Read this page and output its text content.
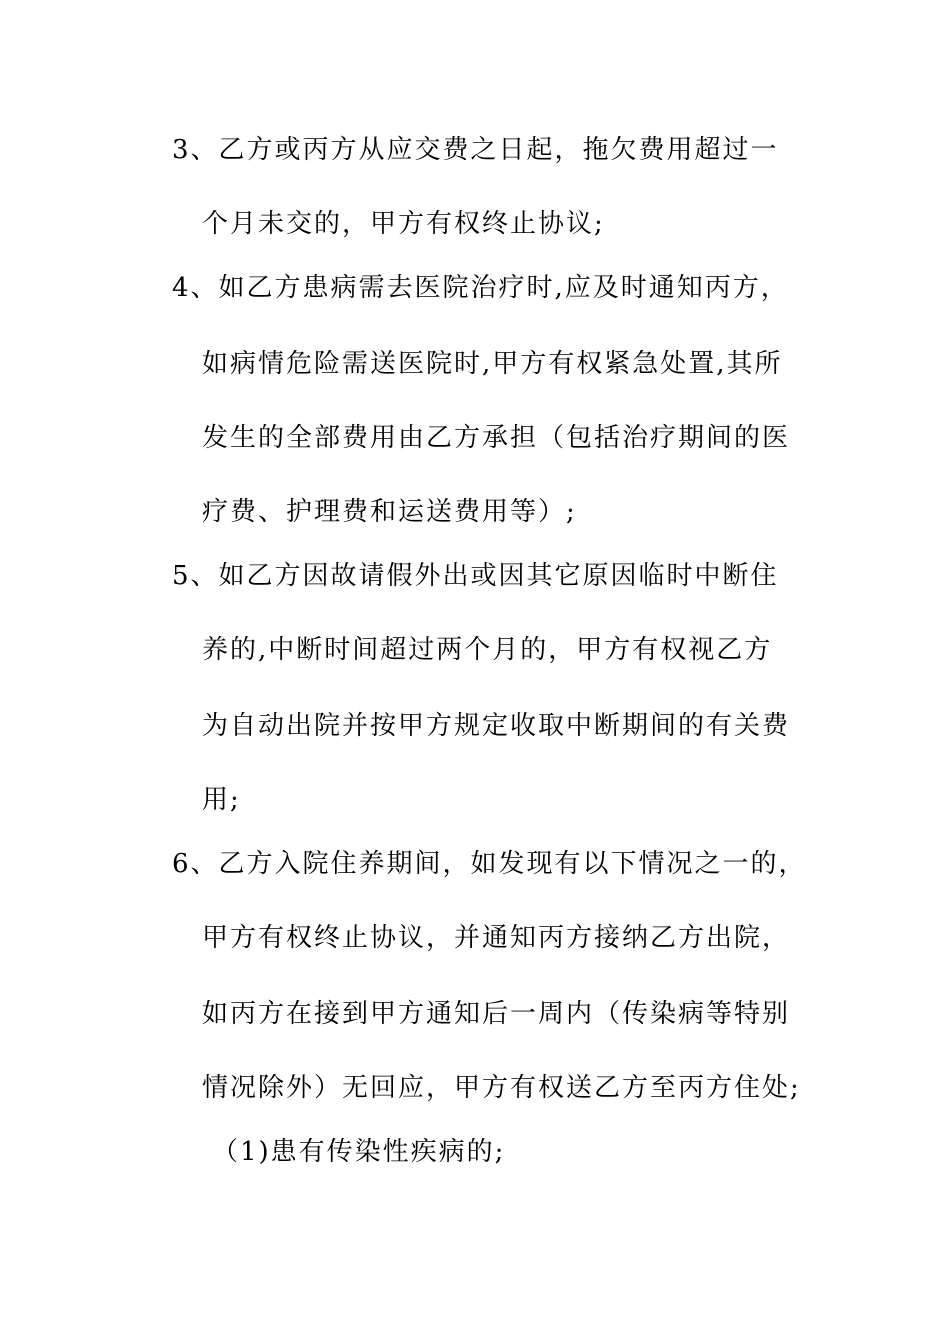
3、乙方或丙方从应交费之日起，拖欠费用超过一
个月未交的，甲方有权终止协议;
4、如乙方患病需去医院治疗时,应及时通知丙方，
如病情危险需送医院时,甲方有权紧急处置,其所
发生的全部费用由乙方承担（包括治疗期间的医
疗费、护理费和运送费用等）;
5、如乙方因故请假外出或因其它原因临时中断住
养的,中断时间超过两个月的，甲方有权视乙方
为自动出院并按甲方规定收取中断期间的有关费
用;
6、乙方入院住养期间，如发现有以下情况之一的，
甲方有权终止协议，并通知丙方接纳乙方出院，
如丙方在接到甲方通知后一周内（传染病等特别
情况除外）无回应，甲方有权送乙方至丙方住处;
（1)患有传染性疾病的;
